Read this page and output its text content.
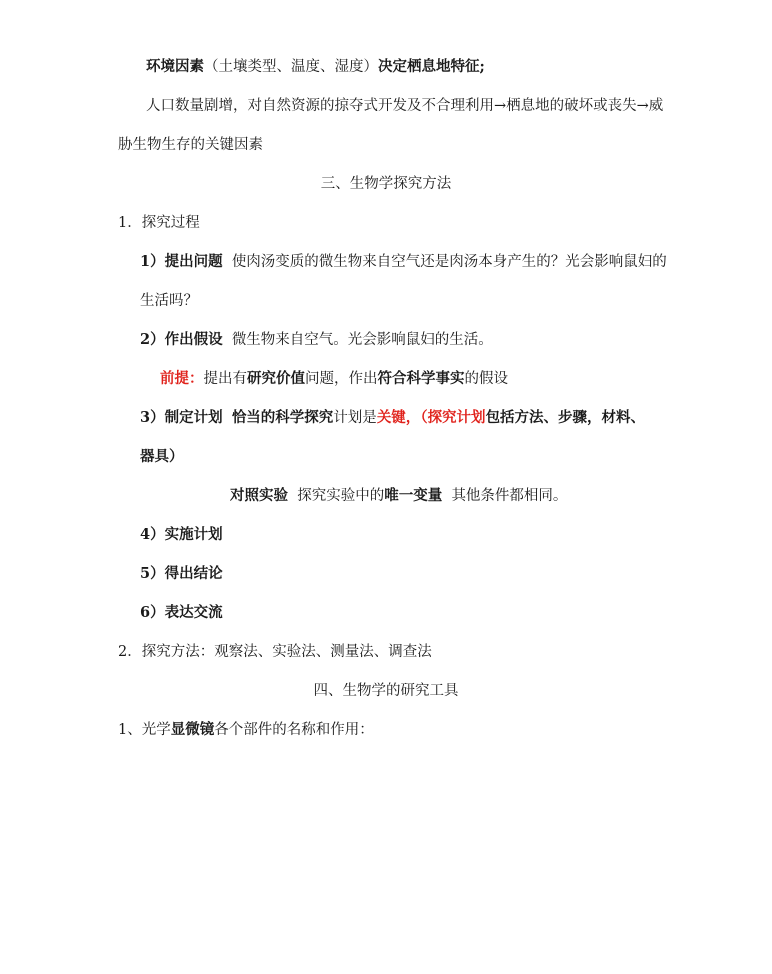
环境因素（土壤类型、温度、湿度）决定栖息地特征;
人口数量剧增，对自然资源的掠夺式开发及不合理利用→栖息地的破坏或丧失→威
胁生物生存的关键因素
三、生物学探究方法
1．探究过程
1）提出问题 使肉汤变质的微生物来自空气还是肉汤本身产生的？光会影响鼠妇的
生活吗？
2）作出假设 微生物来自空气。光会影响鼠妇的生活。
前提：提出有研究价值问题，作出符合科学事实的假设
3）制定计划 恰当的科学探究计划是关键，（探究计划包括方法、步骤，材料、
器具）
对照实验 探究实验中的唯一变量 其他条件都相同。
4）实施计划
5）得出结论
6）表达交流
2．探究方法：观察法、实验法、测量法、调查法
四、生物学的研究工具
1、光学显微镜各个部件的名称和作用：
